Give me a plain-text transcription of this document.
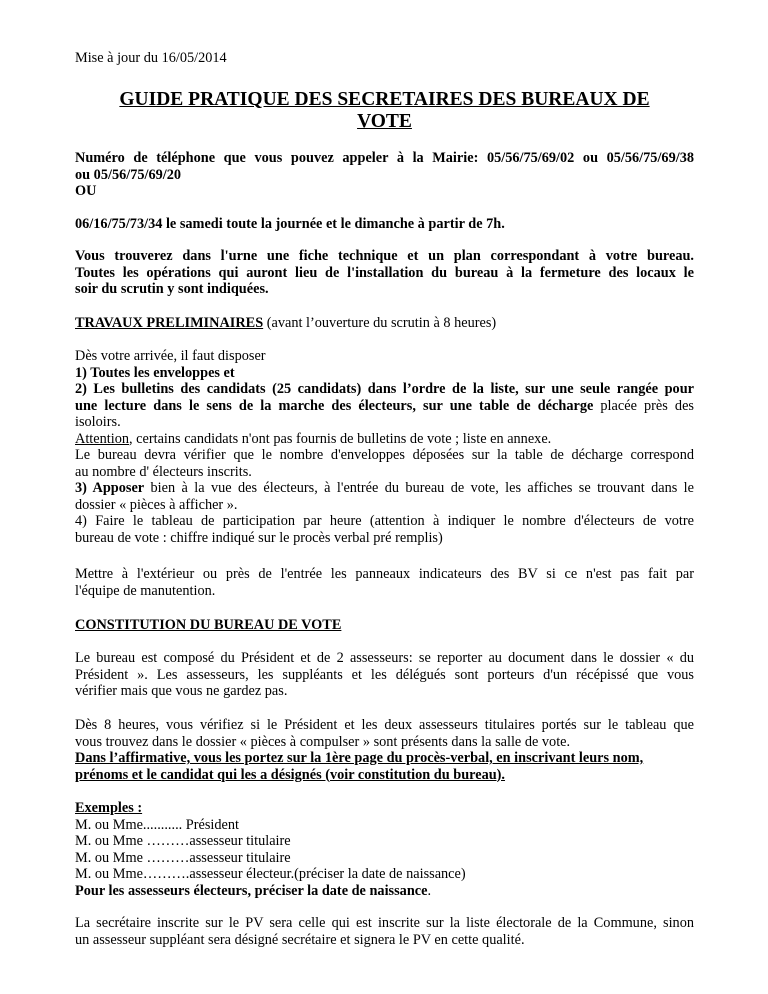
Mise à jour du 16/05/2014
GUIDE PRATIQUE DES SECRETAIRES DES BUREAUX DE
VOTE
Numéro de téléphone que vous pouvez appeler à la Mairie: 05/56/75/69/02 ou 05/56/75/69/38
ou 05/56/75/69/20
OU
06/16/75/73/34 le samedi toute la journée et le dimanche à partir de 7h.
Vous trouverez dans l'urne une fiche technique et un plan correspondant à votre bureau.
Toutes les opérations qui auront lieu de l'installation du bureau à la fermeture des locaux le
soir du scrutin y sont indiquées.
TRAVAUX PRELIMINAIRES (avant l’ouverture du scrutin à 8 heures)
Dès votre arrivée, il faut disposer
1) Toutes les enveloppes et
2) Les bulletins des candidats (25 candidats) dans l’ordre de la liste, sur une seule rangée pour
une lecture dans le sens de la marche des électeurs, sur une table de décharge placée près des
isoloirs.
Attention, certains candidats n'ont pas fournis de bulletins de vote ; liste en annexe.
Le bureau devra vérifier que le nombre d'enveloppes déposées sur la table de décharge correspond
au nombre d' électeurs inscrits.
3) Apposer bien à la vue des électeurs, à l'entrée du bureau de vote, les affiches se trouvant dans le
dossier « pièces à afficher ».
4) Faire le tableau de participation par heure (attention à indiquer le nombre d'électeurs de votre
bureau de vote : chiffre indiqué sur le procès verbal pré remplis)
Mettre à l'extérieur ou près de l'entrée les panneaux indicateurs des BV si ce n'est pas fait par
l'équipe de manutention.
CONSTITUTION DU BUREAU DE VOTE
Le bureau est composé du Président et de 2 assesseurs: se reporter au document dans le dossier « du
Président ». Les assesseurs, les suppléants et les délégués sont porteurs d'un récépissé que vous
vérifier mais que vous ne gardez pas.
Dès 8 heures, vous vérifiez si le Président et les deux assesseurs titulaires portés sur le tableau que
vous trouvez dans le dossier « pièces à compulser » sont présents dans la salle de vote.
Dans l’affirmative, vous les portez sur la 1ère page du procès-verbal, en inscrivant leurs nom,
prénoms et le candidat qui les a désignés (voir constitution du bureau).
Exemples :
M. ou Mme........... Président
M. ou Mme ………assesseur titulaire
M. ou Mme ………assesseur titulaire
M. ou Mme……….assesseur électeur.(préciser la date de naissance)
Pour les assesseurs électeurs, préciser la date de naissance.
La secrétaire inscrite sur le PV sera celle qui est inscrite sur la liste électorale de la Commune, sinon
un assesseur suppléant sera désigné secrétaire et signera le PV en cette qualité.
